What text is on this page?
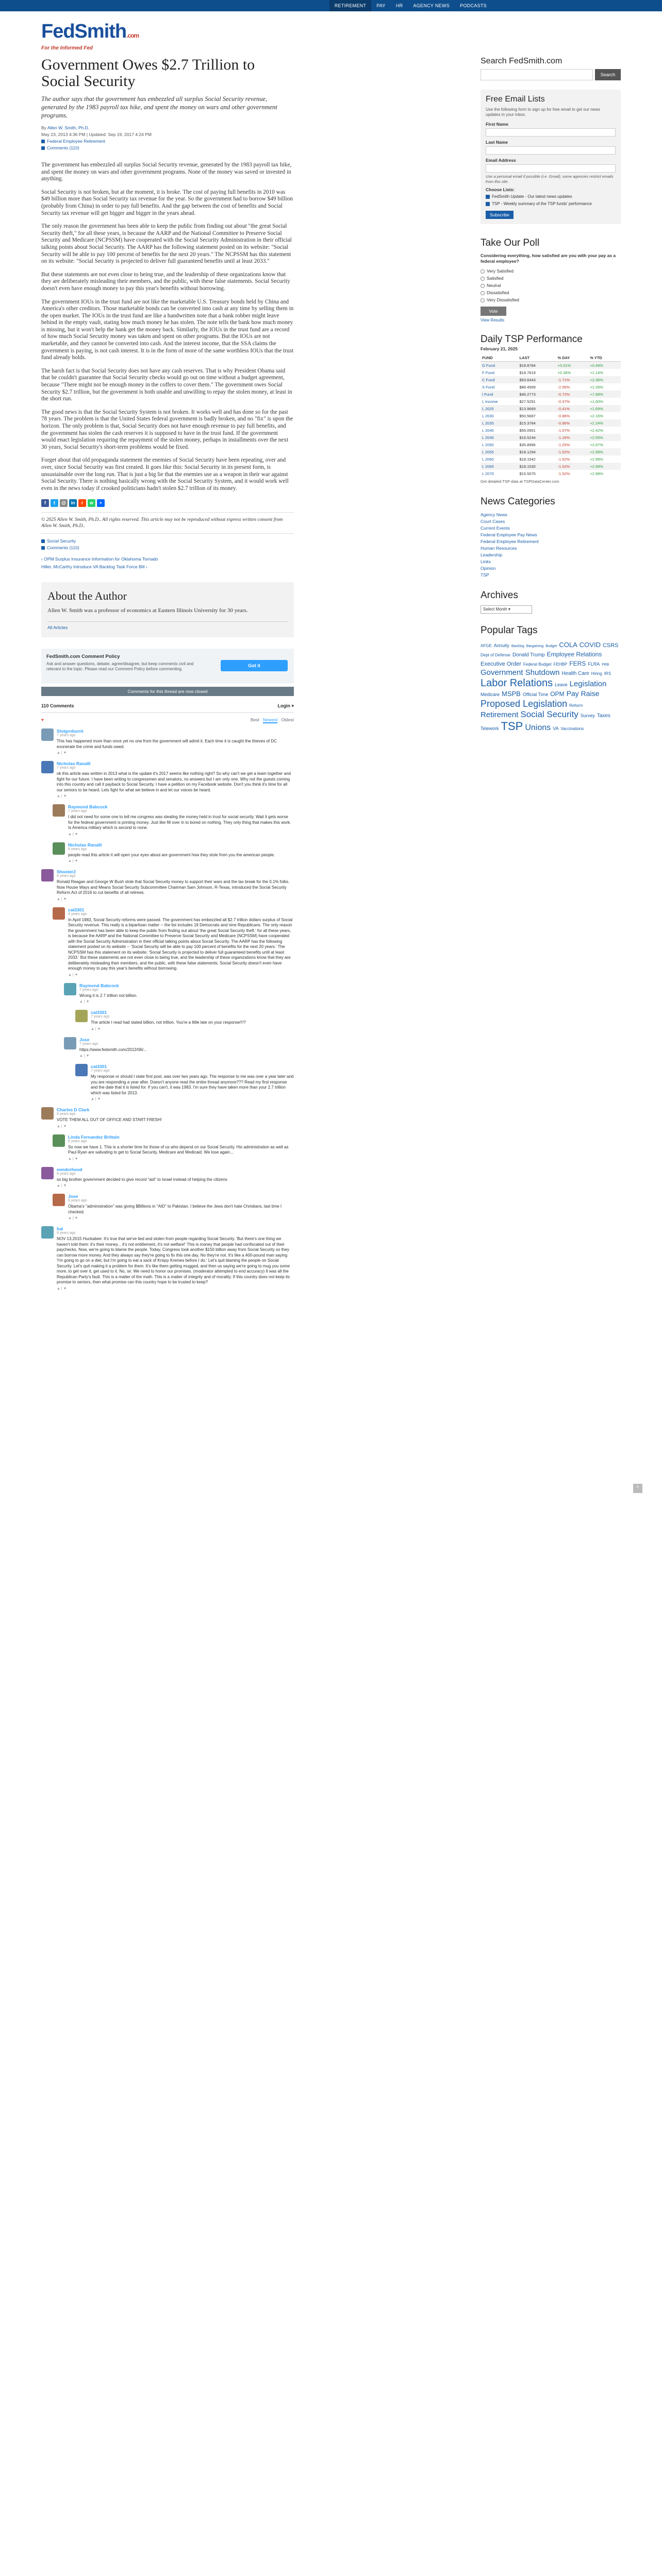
RETIREMENT	PAY	HR	AGENCY NEWS	PODCASTS
FedSmith.com
For the Informed Fed
Government Owes $2.7 Trillion to Social Security

The author says that the government has embezzled all surplus Social Security revenue, generated by the 1983 payroll tax hike, and spent the money on wars and other government programs.

By Allen W. Smith, Ph.D.
May 23, 2013 4:36 PM | Updated: Sep 19, 2017 4:24 PM
Federal Employee Retirement
Comments (110)

The government has embezzled all surplus Social Security revenue, generated by the 1983 payroll tax hike, and spent the money on wars and other government programs. None of the money was saved or invested in anything.

Social Security is not broken, but at the moment, it is broke. The cost of paying full benefits in 2010 was $49 billion more than Social Security tax revenue for the year. So the government had to borrow $49 billion (probably from China) in order to pay full benefits. And the gap between the cost of benefits and Social Security tax revenue will get bigger and bigger in the years ahead.

The only reason the government has been able to keep the public from finding out about "the great Social Security theft," for all these years, is because the AARP and the National Committee to Preserve Social Security and Medicare (NCPSSM) have cooperated with the Social Security Administration in their official talking points about Social Security. The AARP has the following statement posted on its website: "Social Security will be able to pay 100 percent of benefits for the next 20 years." The NCPSSM has this statement on its website: "Social Security is projected to deliver full guaranteed benefits until at least 2033."

But these statements are not even close to being true, and the leadership of these organizations know that they are deliberately misleading their members, and the public, with these false statements. Social Security doesn't even have enough money to pay this year's benefits without borrowing.

The government IOUs in the trust fund are not like the marketable U.S. Treasury bonds held by China and America's other creditors. Those marketable bonds can be converted into cash at any time by selling them in the open market. The IOUs in the trust fund are like a handwritten note that a bank robber might leave behind in the empty vault, stating how much money he has stolen. The note tells the bank how much money is missing, but it won't help the bank get the money back. Similarly, the IOUs in the trust fund are a record of how much Social Security money was taken and spent on other programs. But the IOUs are not marketable, and they cannot be converted into cash. And the interest income, that the SSA claims the government is paying, is not cash interest. It is in the form of more of the same worthless IOUs that the trust fund already holds.

The harsh fact is that Social Security does not have any cash reserves. That is why President Obama said that he couldn't guarantee that Social Security checks would go out on time without a budget agreement, because "There might not be enough money in the coffers to cover them." The government owes Social Security $2.7 trillion, but the government is both unable and unwilling to repay the stolen money, at least in the short run.

The good news is that the Social Security System is not broken. It works well and has done so for the past 78 years. The problem is that the United States federal government is badly broken, and no "fix" is upon the horizon. The only problem is that, Social Security does not have enough revenue to pay full benefits, and the government has stolen the cash reserves it is supposed to have in the trust fund. If the government would enact legislation requiring the repayment of the stolen money, perhaps in installments over the next 30 years, Social Security's short-term problems would be fixed.

Forget about that old propaganda statement the enemies of Social Security have been repeating, over and over, since Social Security was first created. It goes like this: Social Security in its present form, is unsustainable over the long run. That is just a big lie that the enemies use as a weapon in their war against Social Security. There is nothing basically wrong with the Social Security System, and it would work well even in the news today if crooked politicians hadn't stolen $2.7 trillion of its money.

f	t	@	in	r	w	+
© 2025 Allen W. Smith, Ph.D.. All rights reserved. This article may not be reproduced without express written consent from Allen W. Smith, Ph.D..
Social Security
Comments (110)
‹ OPM Surplus Insurance Information for Oklahoma Tornado
Hiller, McCarthy Introduce VA Backlog Task Force Bill ›
About the Author

Allen W. Smith was a professor of economics at Eastern Illinois University for 30 years.

All Articles
FedSmith.com Comment Policy
Ask and answer questions, debate, agree/disagree, but keep comments civil and relevant to the topic. Please read our Comment Policy before commenting.
Got it
Comments for this thread are now closed
110 Comments	Login ▾
♥	Best Newest Oldest
Ststgrnburnt
7 years ago
This has happened more than once yet no one from the government will admit it. Each time it is caught the thieves of DC exonerate the crime and funds owed.
▲ | ▼
Nicholas Ranalli
7 years ago
ok this article was written in 2013 what is the update it's 2017 seems like nothing right? So why can't we get a team together and fight for our future. I have been writing to congressmen and senators, no answers but I am only one. Why not the guests coming into this country and call it payback to Social Security. I have a petition on my Facebook website. Don't you think it's time for all our seniors to be heard. Lets fight for what we believe in and let our voices be heard.
▲ | ▼
Raymond Babcock
7 years ago
I did not need for some one to tell me congress was stealing the money held in trust for social security. Wait it gets worse for the federal government is printing money. Just like fill over in to bored on nothing. They only thing that makes this work. Is America military which is second to none.
▲ | ▼
Nicholas Ranalli
8 years ago
people read this article it will open your eyes about are government how they stole from you the american people.
▲ | ▼
Shooter2
8 years ago
Ronald Reagan and George W Bush stole that Social Security money to support their wars and the tax break for the 0.1% folks. Now House Ways and Means Social Security Subcommittee Chairman Sam Johnson, R-Texas, introduced the Social Security Reform Act of 2016 to cut benefits of all retirees.
▲ | ▼
cat3301
8 years ago
In April 1983, Social Security reforms were passed. The government has embezzled all $2.7 trillion dollars surplus of Social Security revenue. This really is a bipartisan matter -- the list includes 19 Democrats and nine Republicans. The only reason the government has been able to keep the public from finding out about 'the great Social Security theft,' for all these years, is because the AARP and the National Committee to Preserve Social Security and Medicare (NCPSSM) have cooperated with the Social Security Administration in their official talking points about Social Security. The AARP has the following statement posted on its website -- 'Social Security will be able to pay 100 percent of benefits for the next 20 years.' The NCPSSM has this statement on its website: 'Social Security is projected to deliver full guaranteed benefits until at least 2033.' But these statements are not even close to being true, and the leadership of these organizations know that they are deliberately misleading their members, and the public, with these false statements. Social Security doesn't even have enough money to pay this year's benefits without borrowing.
▲ | ▼
Raymond Babcock
7 years ago
Wrong it is 2.7 trillion not billion.
▲ | ▼
cat3301
7 years ago
The article I read had stated billion, not trillion. You're a little late on your response!!!?
▲ | ▼
Jose
7 years ago
https://www.fedsmith.com/2012/06/...
▲ | ▼
cat3301
7 years ago
My response or should I state first post, was over two years ago. The response to me was over a year later and you are responding a year after. Doesn't anyone read the entire thread anymore??? Read my first response and the date that it is listed for. If you can't, it was 1983. I'm sure they have taken more than your 2.7 trillion which was listed for 2013.
▲ | ▼
Charles D Clark
8 years ago
VOTE THEM ALL OUT OF OFFICE AND START FRESH!
▲ | ▼
Linda Fernandez Brittain
8 years ago
So now we have 1. This is a shorter time for those of us who depend on our Social Security. His administration as well as Paul Ryan are salivating to get to Social Security, Medicare and Medicaid. We lose again...
▲ | ▼
mmdorhood
8 years ago
so big brother government decided to give record "aid" to Israel instead of helping the citizens
▲ | ▼
Jose
8 years ago
Obama's "administration" was giving $Billions in "AID" to Pakistan. I believe the Jews don't hate Christians, last time I checked.
▲ | ▼
hal
8 years ago
NOV 13,2015 Huckabee: It's true that we've lied and stolen from people regarding Social Security. 'But there's one thing we haven't told them: it's their money... it's not entitlement, it's not welfare!' This is money that people had confiscated out of their paychecks. Now, we're going to blame the people. Today, Congress took another $150 billion away from Social Security so they can borrow more money. And they always say they're going to fix this one day. No they're not. It's like a 400-pound man saying 'I'm going to go on a diet, but I'm going to eat a sack of Krispy Kremes before I do.' Let's quit blaming the people on Social Security. Let's quit making it a problem for them. It's like them getting mugged, and then us saying we're going to mug you some more, to get over it, get used to it. No, sir. We need to honor our promises. (moderator attempted to end accuracy) It was all the Republican Party's fault. This is a matter of the math. This is a matter of integrity and of morality. If this country does not keep its promise to seniors, then what promise can this country hope to be trusted to keep?
▲ | ▼
Search FedSmith.com
Search
Free Email Lists
Use the following form to sign up for free email to get our news updates in your inbox.
First Name
Last Name
Email Address
Use a personal email if possible (i.e. Gmail); some agencies restrict emails from this site.
Choose Lists:
FedSmith Update - Our latest news updates
TSP - Weekly summary of the TSP funds' performance
Subscribe
Take Our Poll
Considering everything, how satisfied are you with your pay as a federal employee?
Very Satisfied
Satisfied
Neutral
Dissatisfied
Very Dissatisfied
Vote
View Results
Daily TSP Performance
February 21, 2025
FUND	LAST	% DAY	% YTD
G Fund	$18.8784	+0.01%	+0.49%
F Fund	$18.7619	+0.36%	+1.14%
C Fund	$93.6443	-1.71%	+2.36%
S Fund	$86.4569	-2.56%	+1.26%
I Fund	$46.2773	-0.72%	+7.68%
L Income	$27.5291	-0.37%	+1.60%
L 2025	$13.9669	-0.41%	+1.69%
L 2030	$50.5687	-0.86%	+2.16%
L 2035	$15.3784	-0.96%	+2.24%
L 2040	$56.0951	-1.07%	+2.42%
L 2045	$16.5244	-1.16%	+2.55%
L 2050	$35.8996	-1.25%	+2.67%
L 2055	$18.1294	-1.52%	+2.99%
L 2060	$18.1542	-1.52%	+2.99%
L 2065	$18.1530	-1.52%	+2.99%
L 2070	$15.5075	-1.52%	+2.99%
Get detailed TSP data at TSPDataCenter.com
News Categories
Agency News
Court Cases
Current Events
Federal Employee Pay News
Federal Employee Retirement
Human Resources
Leadership
Links
Opinion
TSP
Archives
Select Month ▾
Popular Tags
AFGE Annuity Backlog Bargaining Budget COLA COVID CSRSDept of Defense Donald Trump Employee RelationsExecutive Order Federal Budget FEHBP FERS FLRA FRBGovernment Shutdown Health Care Hiring IRSLabor Relations Leave LegislationMedicare MSPB Official Time OPM Pay RaiseProposed Legislation ReformRetirement Social Security Survey TaxesTelework TSP Unions VA Vaccinations
^
